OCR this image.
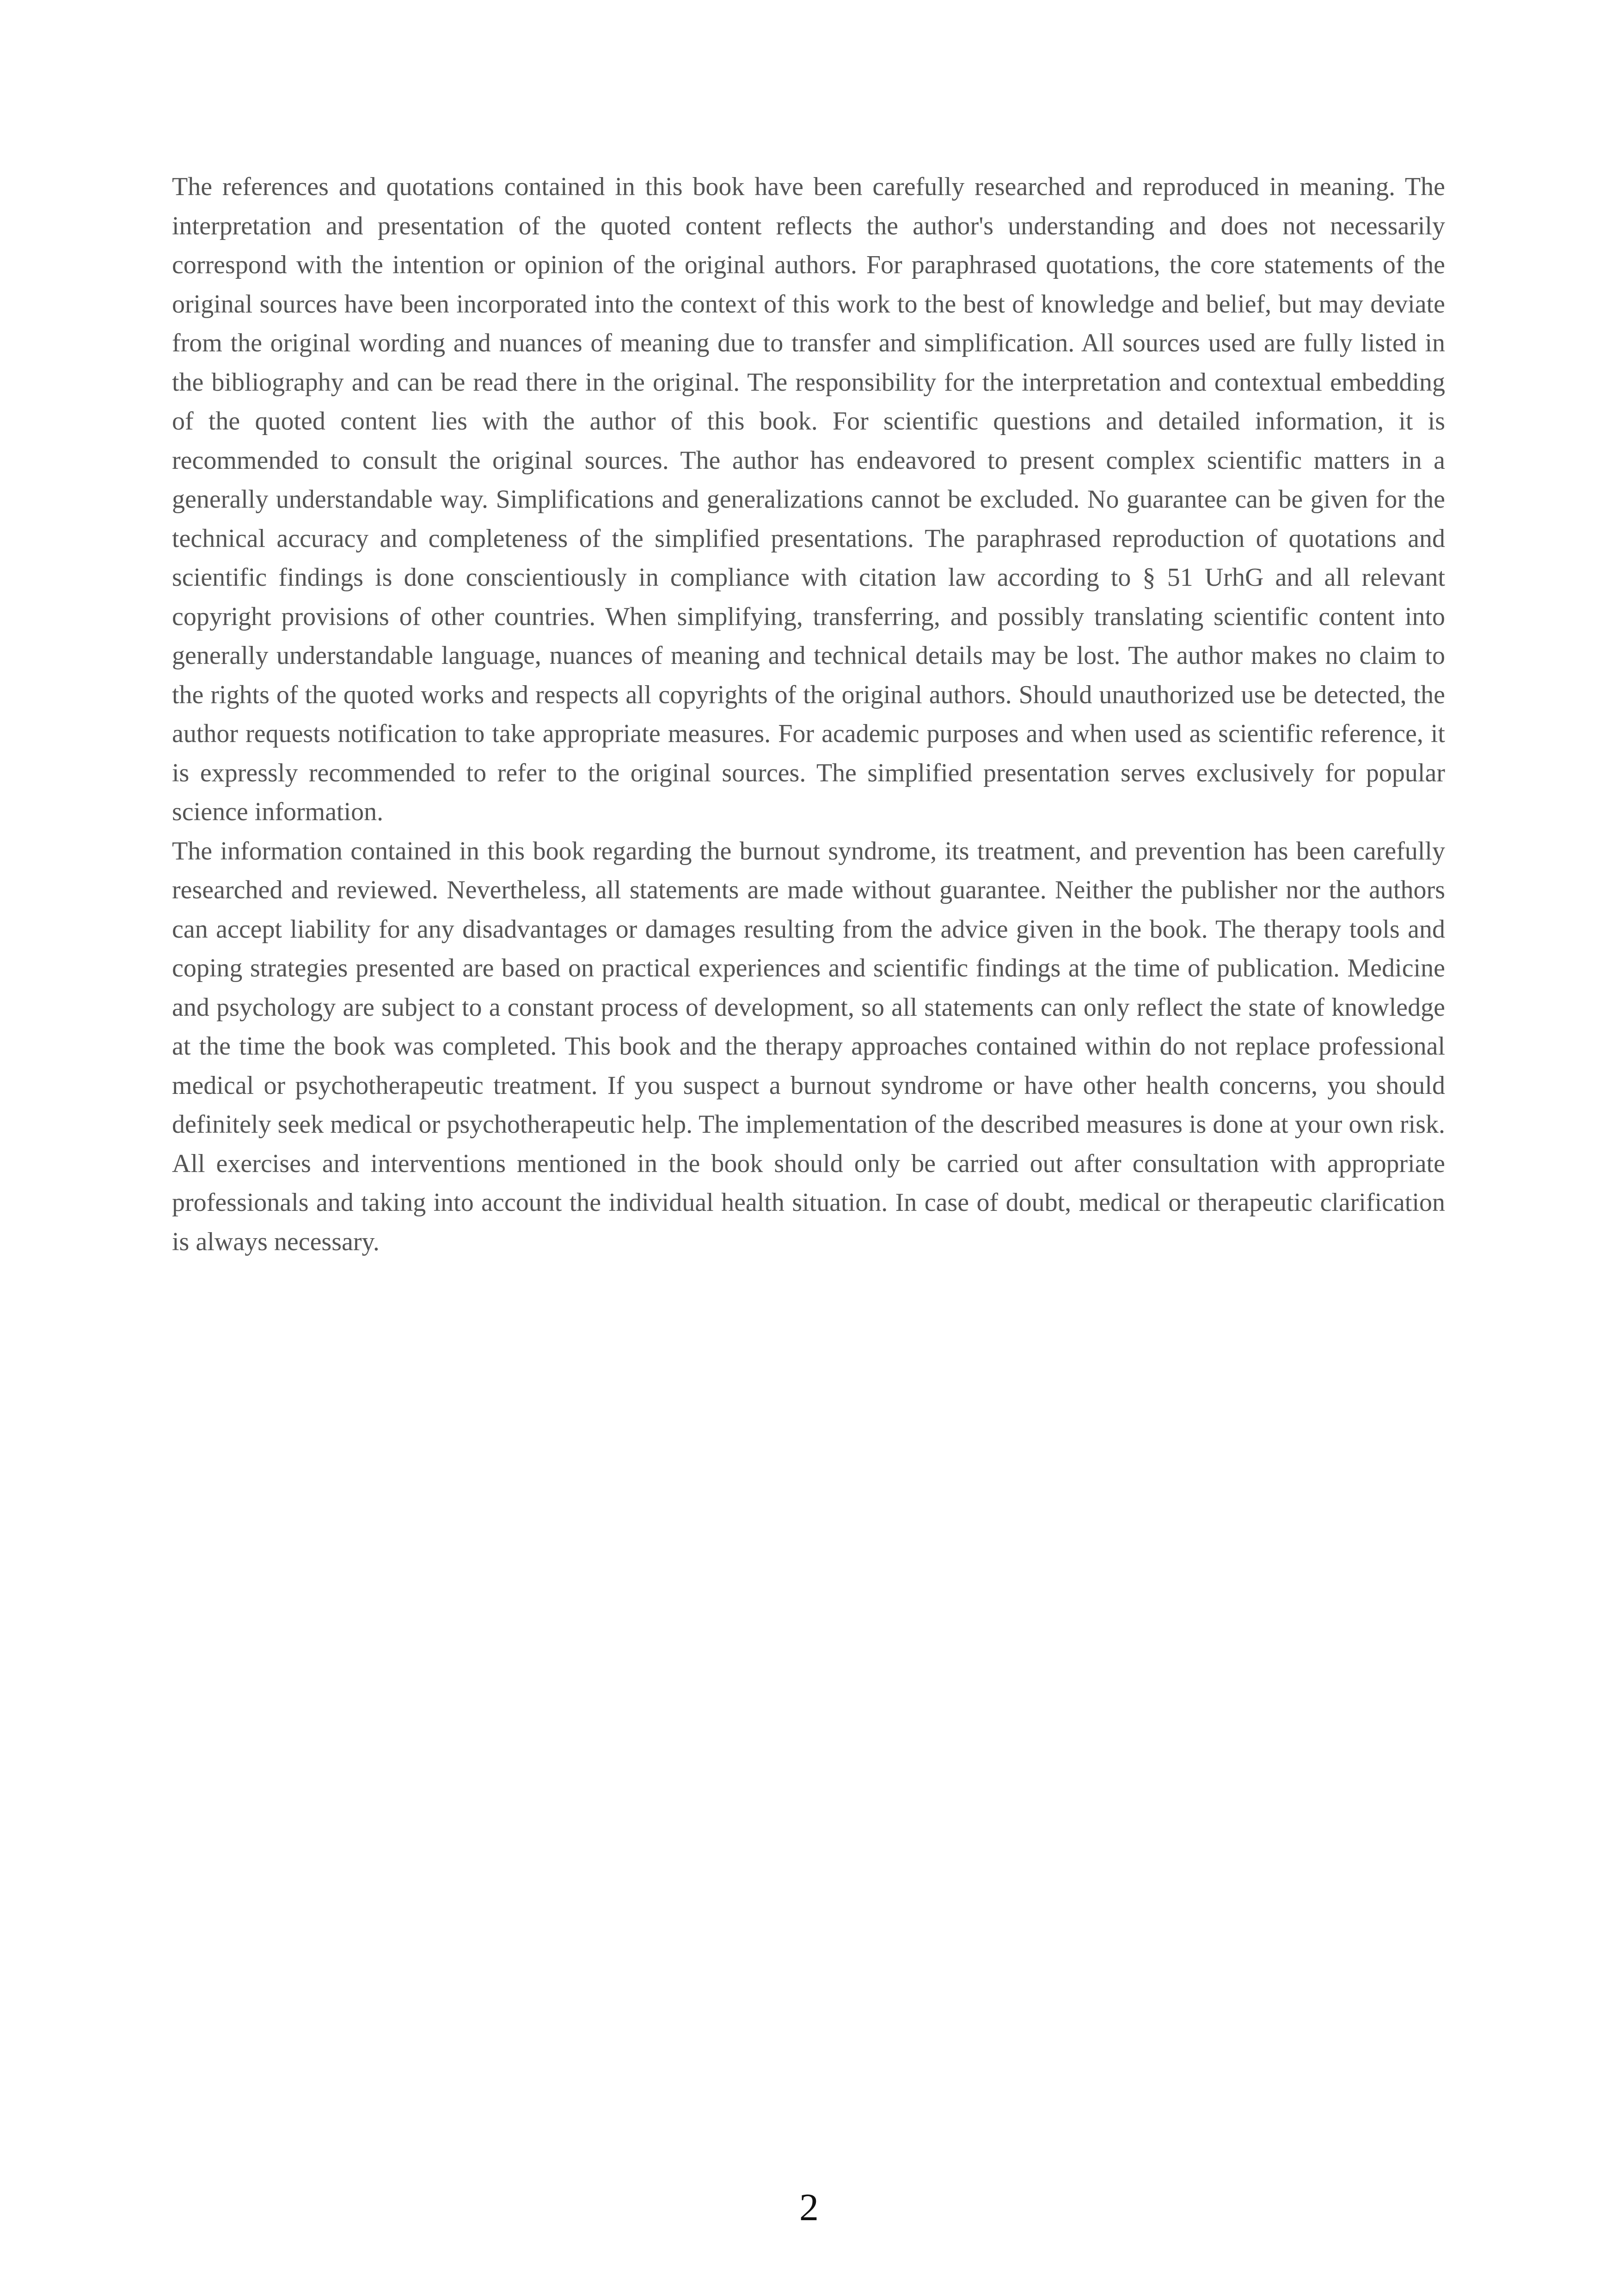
The references and quotations contained in this book have been carefully researched and reproduced in meaning. The interpretation and presentation of the quoted content reflects the author's understanding and does not necessarily correspond with the intention or opinion of the original authors. For paraphrased quotations, the core statements of the original sources have been incorporated into the context of this work to the best of knowledge and belief, but may deviate from the original wording and nuances of meaning due to transfer and simplification. All sources used are fully listed in the bibliography and can be read there in the original. The responsibility for the interpretation and contextual embedding of the quoted content lies with the author of this book. For scientific questions and detailed information, it is recommended to consult the original sources. The author has endeavored to present complex scientific matters in a generally understandable way. Simplifications and generalizations cannot be excluded. No guarantee can be given for the technical accuracy and completeness of the simplified presentations. The paraphrased reproduction of quotations and scientific findings is done conscientiously in compliance with citation law according to § 51 UrhG and all relevant copyright provisions of other countries. When simplifying, transferring, and possibly translating scientific content into generally understandable language, nuances of meaning and technical details may be lost. The author makes no claim to the rights of the quoted works and respects all copyrights of the original authors. Should unauthorized use be detected, the author requests notification to take appropriate measures. For academic purposes and when used as scientific reference, it is expressly recommended to refer to the original sources. The simplified presentation serves exclusively for popular science information.

The information contained in this book regarding the burnout syndrome, its treatment, and prevention has been carefully researched and reviewed. Nevertheless, all statements are made without guarantee. Neither the publisher nor the authors can accept liability for any disadvantages or damages resulting from the advice given in the book. The therapy tools and coping strategies presented are based on practical experiences and scientific findings at the time of publication. Medicine and psychology are subject to a constant process of development, so all statements can only reflect the state of knowledge at the time the book was completed. This book and the therapy approaches contained within do not replace professional medical or psychotherapeutic treatment. If you suspect a burnout syndrome or have other health concerns, you should definitely seek medical or psychotherapeutic help. The implementation of the described measures is done at your own risk. All exercises and interventions mentioned in the book should only be carried out after consultation with appropriate professionals and taking into account the individual health situation. In case of doubt, medical or therapeutic clarification is always necessary.

2
